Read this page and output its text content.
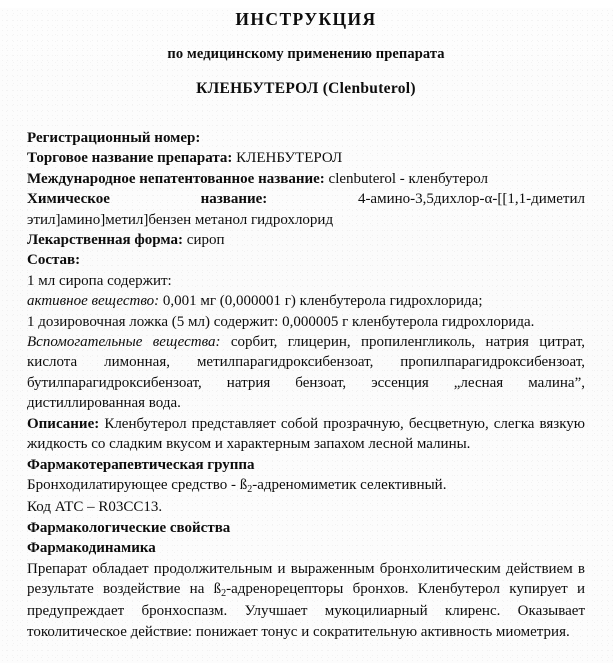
ИНСТРУКЦИЯ
по медицинскому применению препарата
КЛЕНБУТЕРОЛ (Clenbuterol)

Регистрационный номер:

Торговое название препарата: КЛЕНБУТЕРОЛ

Международное непатентованное название: clenbuterol - кленбутерол

Химическое	название:	4-амино-3,5дихлор-α-[[1,1-диметил

этил]амино]метил]бензен метанол гидрохлорид

Лекарственная форма: сироп

Состав:

1 мл сиропа содержит:

активное вещество: 0,001 мг (0,000001 г) кленбутерола гидрохлорида;

1 дозировочная ложка (5 мл) содержит: 0,000005 г кленбутерола гидрохлорида.

Вспомогательные вещества: сорбит, глицерин, пропиленгликоль, натрия цитрат, кислота лимонная, метилпарагидроксибензоат, пропилпарагидроксибензоат, бутилпарагидроксибензоат, натрия бензоат, эссенция „лесная малина”, дистиллированная вода.

Описание: Кленбутерол представляет собой прозрачную, бесцветную, слегка вязкую жидкость со сладким вкусом и характерным запахом лесной малины.

Фармакотерапевтическая группа

Бронходилатирующее средство - $ß_2$-адреномиметик селективный.

Код АТС – R03CC13.

Фармакологические свойства

Фармакодинамика

Препарат обладает продолжительным и выраженным бронхолитическим действием в результате воздействие на $ß_2$-адренорецепторы бронхов. Кленбутерол купирует и предупреждает бронхоспазм. Улучшает мукоцилиарный клиренс. Оказывает токолитическое действие: понижает тонус и сократительную активность миометрия.
